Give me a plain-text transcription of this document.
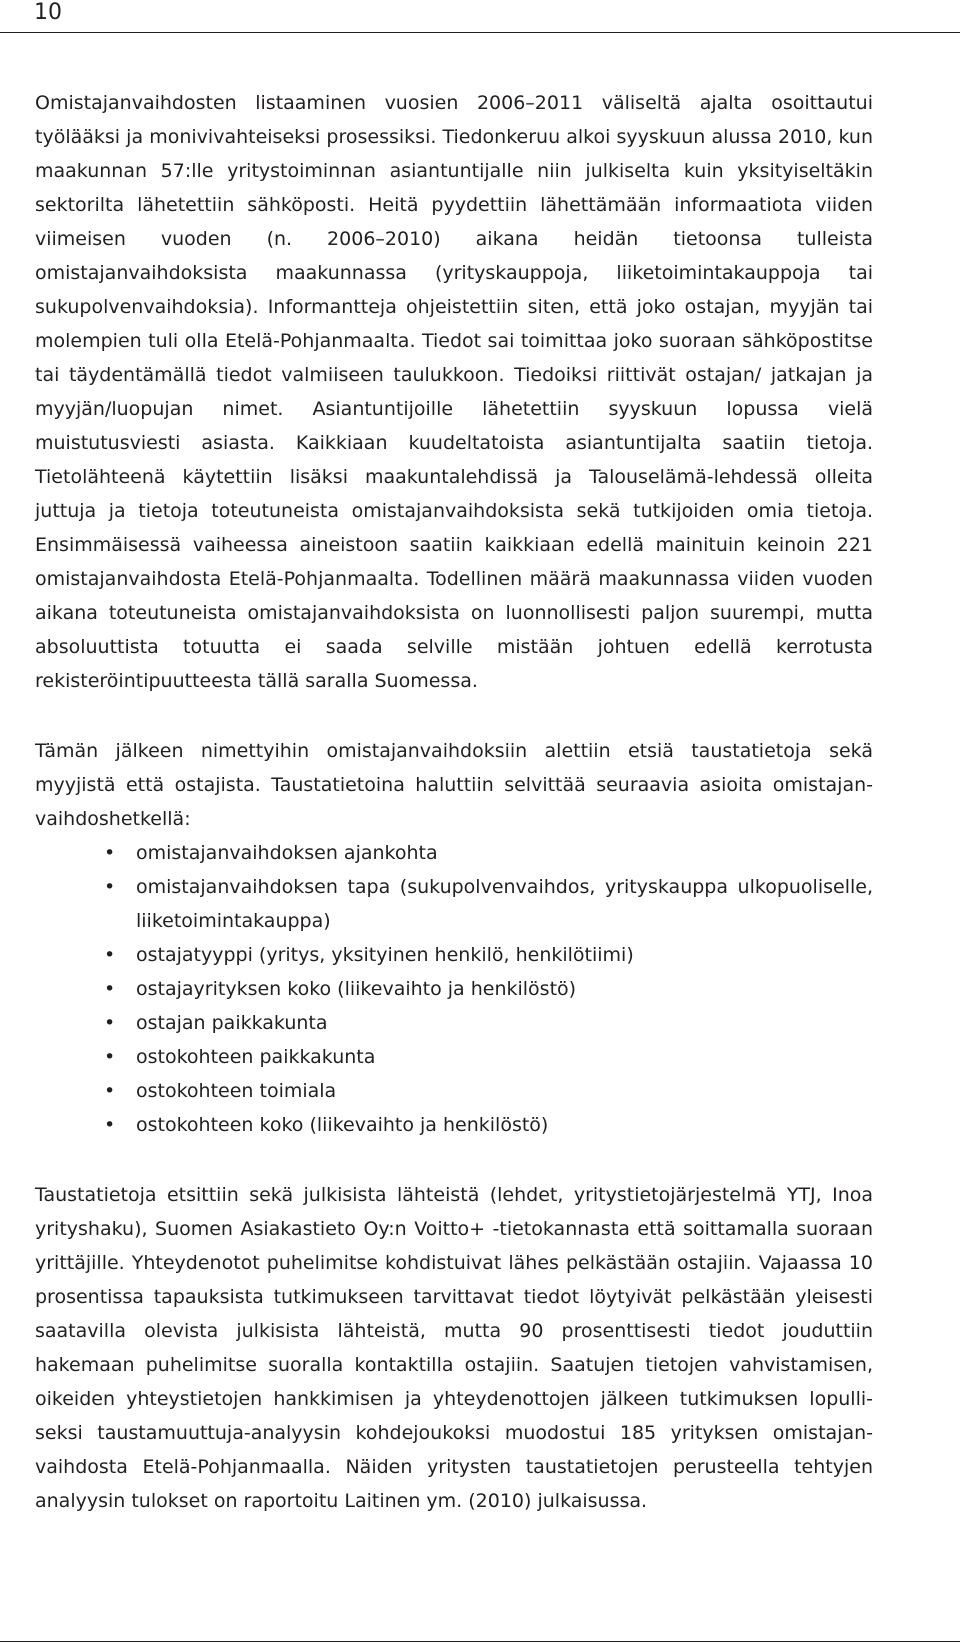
10

Omistajanvaihdosten listaaminen vuosien 2006–2011 väliseltä ajalta osoittautui työlääksi ja monivivahteiseksi prosessiksi. Tiedonkeruu alkoi syyskuun alussa 2010, kun maakunnan 57:lle yritystoiminnan asiantuntijalle niin julkiselta kuin yksityiseltäkin sektorilta lähetettiin sähköposti. Heitä pyydettiin lähettämään informaatiota viiden viimeisen vuoden (n. 2006–2010) aikana heidän tietoonsa tulleista omistajanvaihdoksista maakunnassa (yrityskauppoja, liiketoimintakauppoja tai sukupolvenvaihdoksia). Informantteja ohjeistettiin siten, että joko ostajan, myyjän tai molempien tuli olla Etelä-Pohjanmaalta. Tiedot sai toimittaa joko suoraan sähköpostitse tai täydentämällä tiedot valmiiseen taulukkoon. Tiedoiksi riittivät ostajan/ jatkajan ja myyjän/luopujan nimet. Asiantuntijoille lähetettiin syyskuun lopussa vielä muistutusviesti asiasta. Kaikkiaan kuudeltatoista asiantuntijalta saatiin tietoja. Tietolähteenä käytettiin lisäksi maakuntalehdissä ja Talouselämä-lehdessä olleita juttuja ja tietoja toteutuneista omistajanvaihdoksista sekä tutkijoiden omia tietoja. Ensimmäisessä vaiheessa aineistoon saatiin kaikkiaan edellä mainituin keinoin 221 omistajanvaihdosta Etelä-Pohjanmaalta. Todellinen määrä maakunnassa viiden vuoden aikana toteutuneista omistajanvaihdoksista on luonnollisesti paljon suurempi, mutta absoluuttista totuutta ei saada selville mistään johtuen edellä kerrotusta rekisteröintipuutteesta tällä saralla Suomessa.

Tämän jälkeen nimettyihin omistajanvaihdoksiin alettiin etsiä taustatietoja sekä myyjistä että ostajista. Taustatietoina haluttiin selvittää seuraavia asioita omistajanvaihdoshetkellä:

• omistajanvaihdoksen ajankohta
• omistajanvaihdoksen tapa (sukupolvenvaihdos, yrityskauppa ulkopuoliselle, liiketoimintakauppa)
• ostajatyyppi (yritys, yksityinen henkilö, henkilötiimi)
• ostajayrityksen koko (liikevaihto ja henkilöstö)
• ostajan paikkakunta
• ostokohteen paikkakunta
• ostokohteen toimiala
• ostokohteen koko (liikevaihto ja henkilöstö)

Taustatietoja etsittiin sekä julkisista lähteistä (lehdet, yritystietojärjestelmä YTJ, Inoa yrityshaku), Suomen Asiakastieto Oy:n Voitto+ -tietokannasta että soittamalla suoraan yrittäjille. Yhteydenotot puhelimitse kohdistuivat lähes pelkästään ostajiin. Vajaassa 10 prosentissa tapauksista tutkimukseen tarvittavat tiedot löytyivät pelkästään yleisesti saatavilla olevista julkisista lähteistä, mutta 90 prosenttisesti tiedot jouduttiin hakemaan puhelimitse suoralla kontaktilla ostajiin. Saatujen tietojen vahvistamisen, oikeiden yhteystietojen hankkimisen ja yhteydenottojen jälkeen tutkimuksen lopulliseksi taustamuuttuja-analyysin kohdejoukoksi muodostui 185 yrityksen omistajanvaihdosta Etelä-Pohjanmaalla. Näiden yritysten taustatietojen perusteella tehtyjen analyysin tulokset on raportoitu Laitinen ym. (2010) julkaisussa.
